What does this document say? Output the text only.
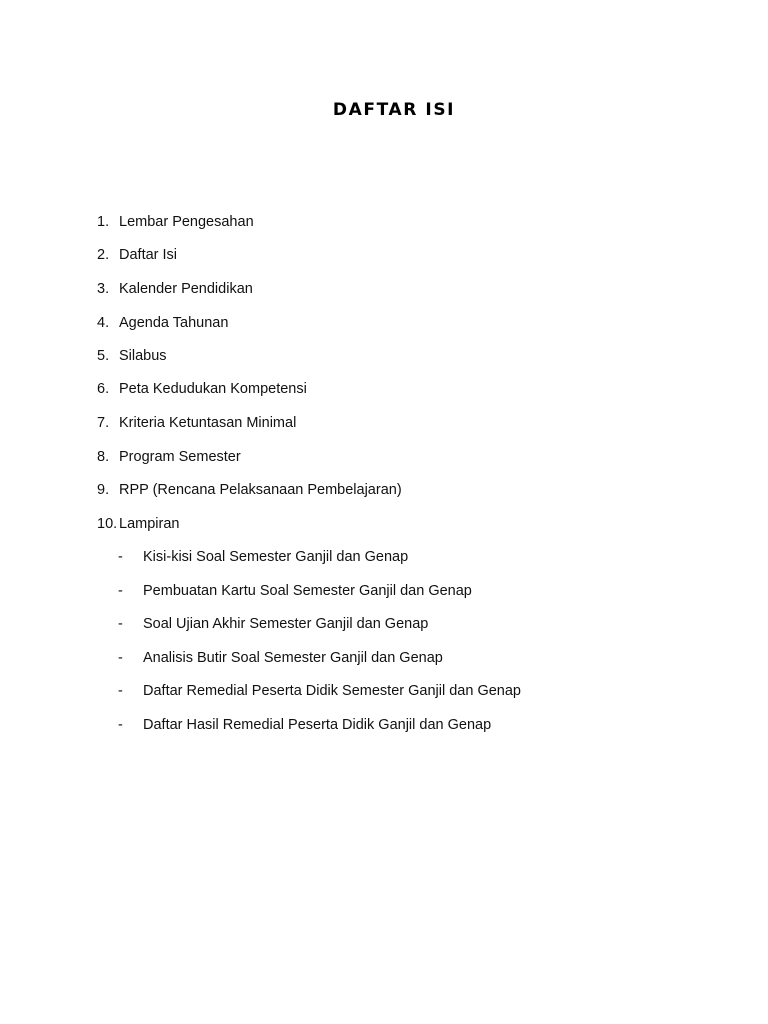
DAFTAR ISI
1. Lembar Pengesahan
2. Daftar Isi
3. Kalender Pendidikan
4. Agenda Tahunan
5. Silabus
6. Peta Kedudukan Kompetensi
7. Kriteria Ketuntasan Minimal
8. Program Semester
9. RPP (Rencana Pelaksanaan Pembelajaran)
10. Lampiran
- Kisi-kisi Soal Semester Ganjil dan Genap
- Pembuatan Kartu Soal Semester Ganjil dan Genap
- Soal Ujian Akhir Semester Ganjil dan Genap
- Analisis Butir Soal Semester Ganjil dan Genap
- Daftar Remedial Peserta Didik Semester Ganjil dan Genap
- Daftar Hasil Remedial Peserta Didik Ganjil dan Genap
